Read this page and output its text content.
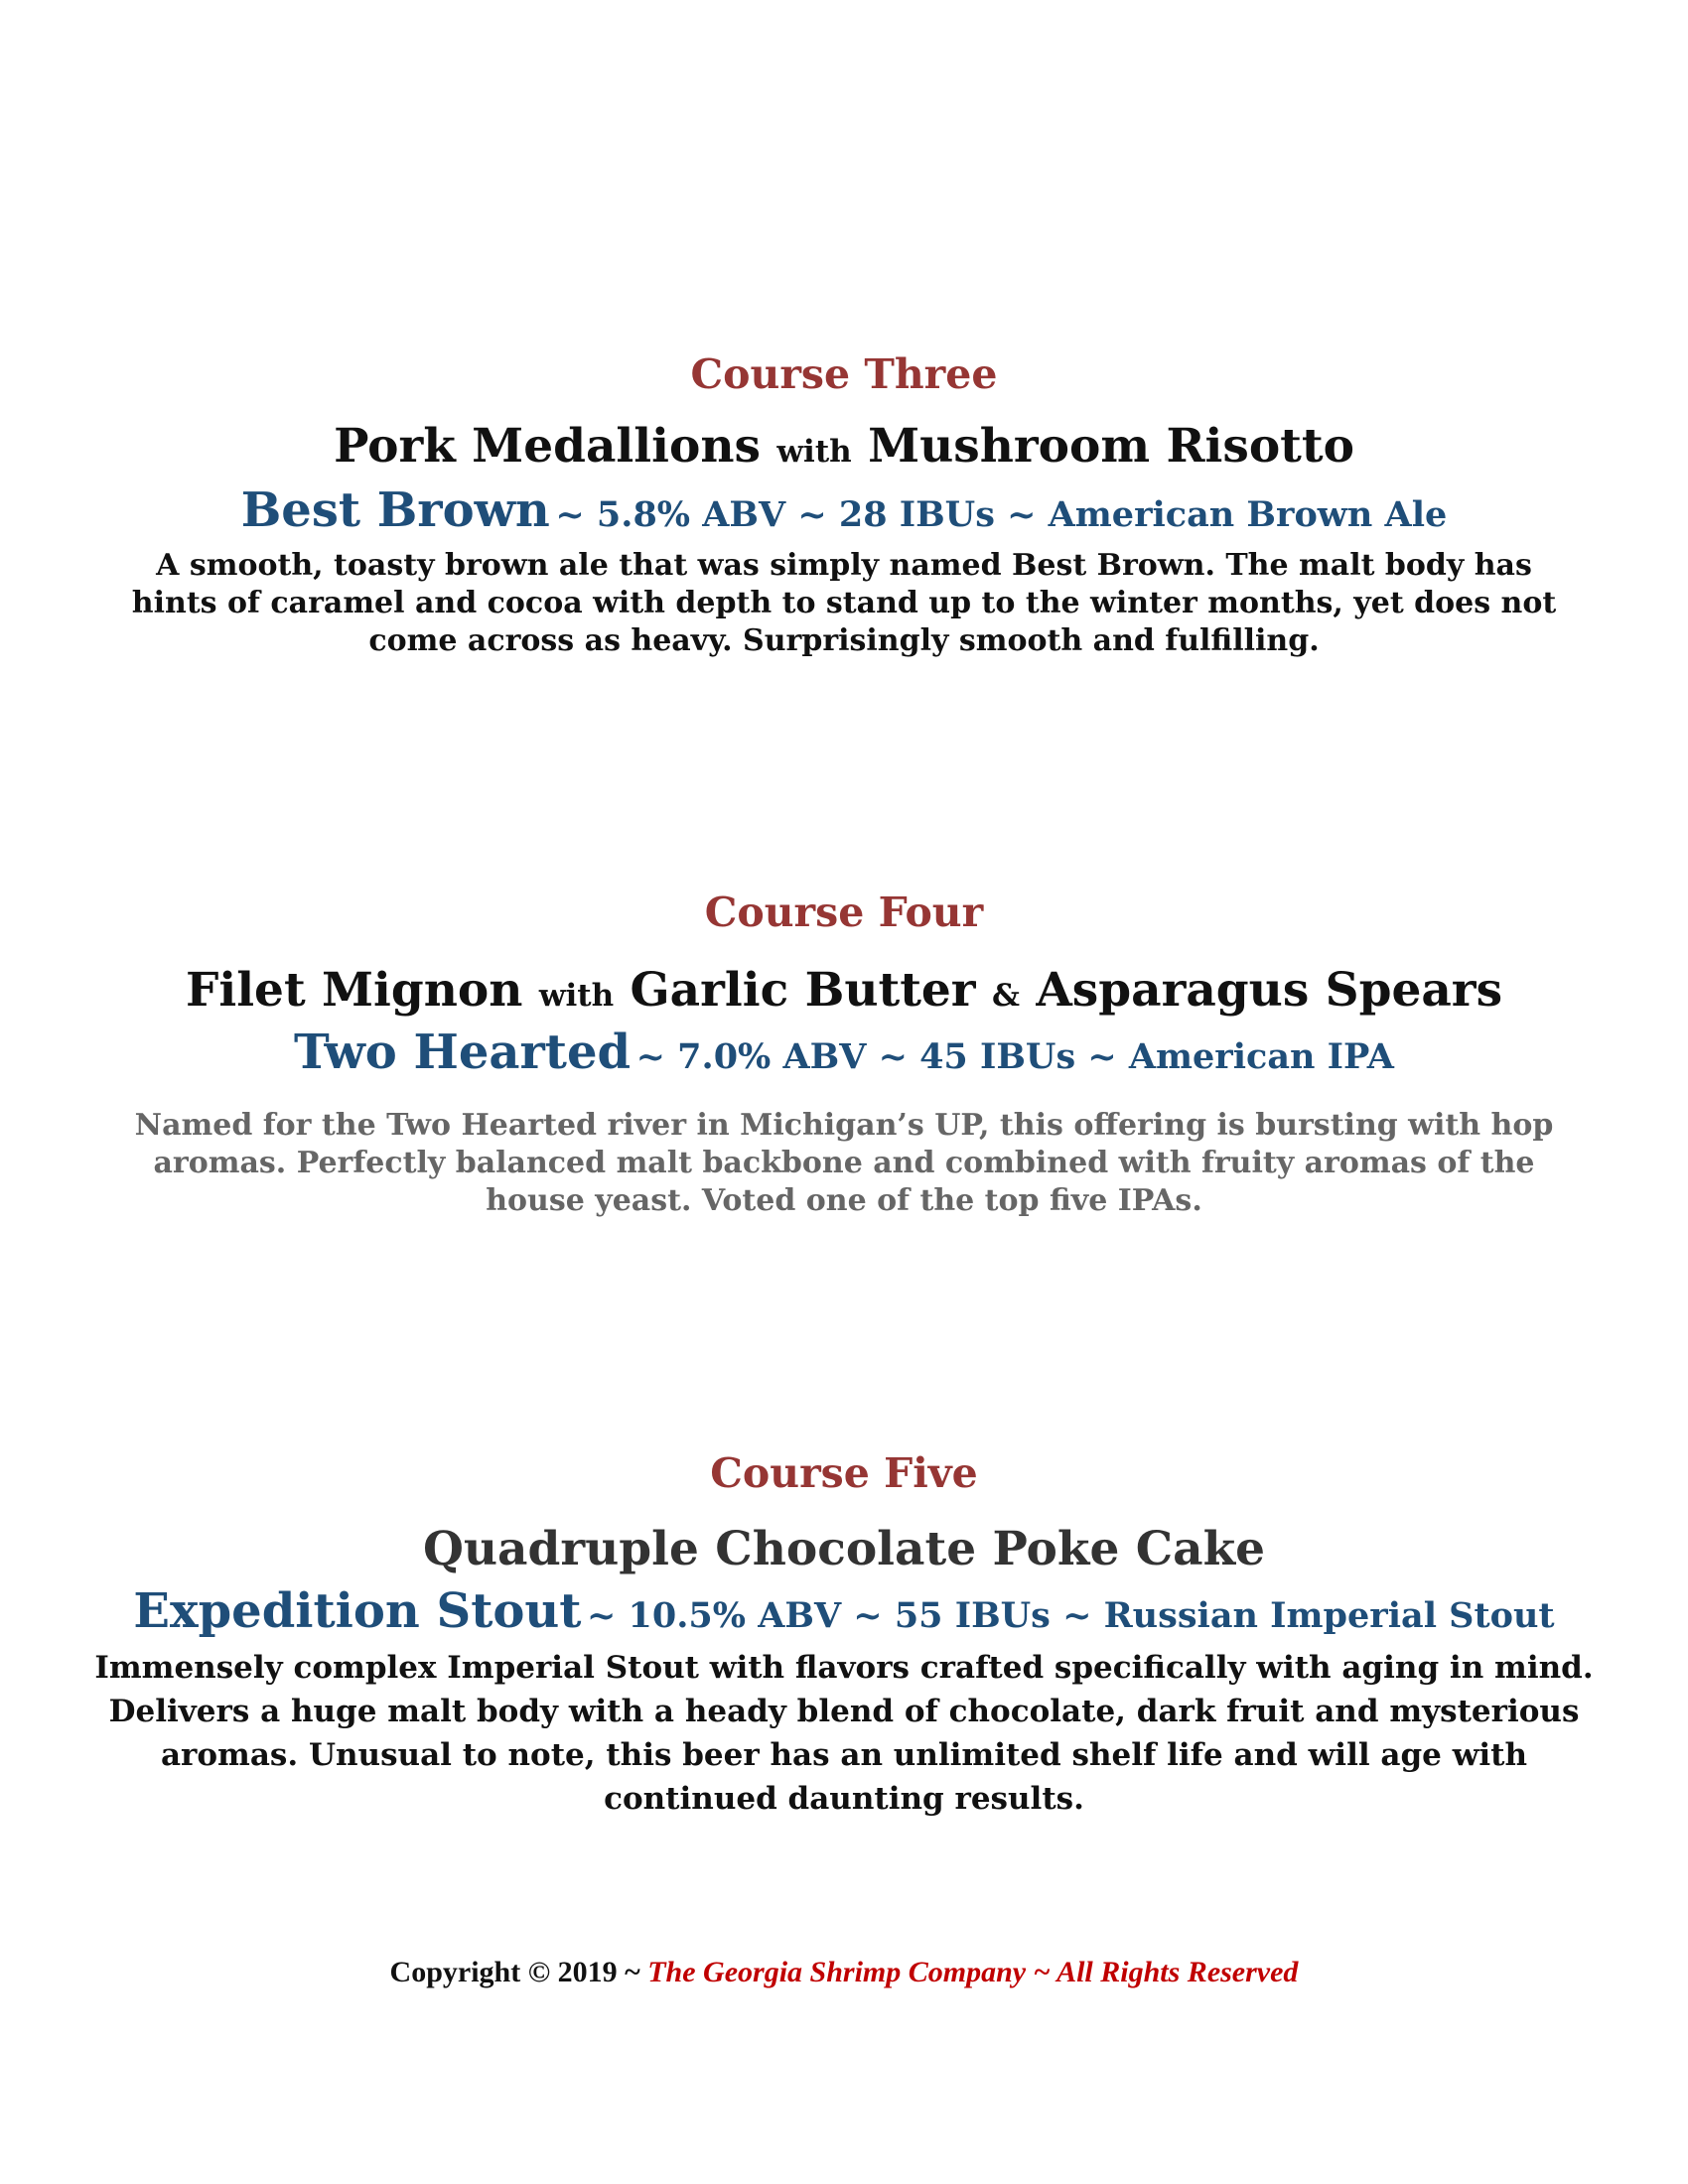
Course Three
Pork Medallions with Mushroom Risotto

Best Brown ~ 5.8% ABV ~ 28 IBUs ~ American Brown Ale

A smooth, toasty brown ale that was simply named Best Brown. The malt body has
hints of caramel and cocoa with depth to stand up to the winter months, yet does not
come across as heavy. Surprisingly smooth and fulfilling.

Course Four
Filet Mignon with Garlic Butter & Asparagus Spears

Two Hearted ~ 7.0% ABV ~ 45 IBUs ~ American IPA

Named for the Two Hearted river in Michigan’s UP, this offering is bursting with hop
aromas. Perfectly balanced malt backbone and combined with fruity aromas of the
house yeast. Voted one of the top five IPAs.

Course Five
Quadruple Chocolate Poke Cake

Expedition Stout ~ 10.5% ABV ~ 55 IBUs ~ Russian Imperial Stout

Immensely complex Imperial Stout with flavors crafted specifically with aging in mind.
Delivers a huge malt body with a heady blend of chocolate, dark fruit and mysterious
aromas. Unusual to note, this beer has an unlimited shelf life and will age with
continued daunting results.

Copyright © 2019 ~ The Georgia Shrimp Company ~ All Rights Reserved
